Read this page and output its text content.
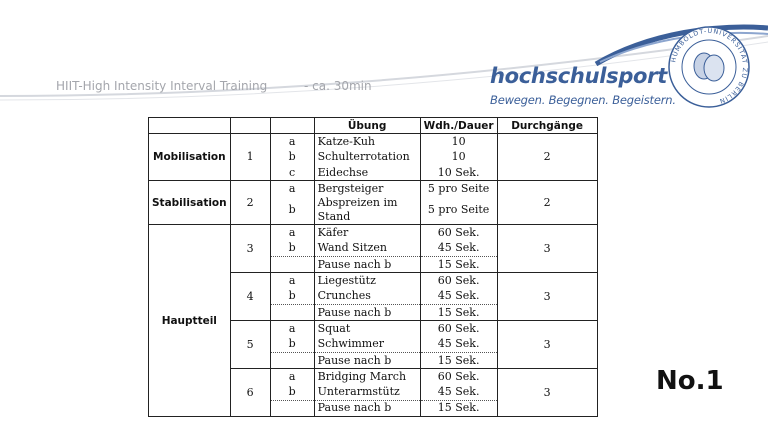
HIIT-High Intensity Interval Training	- ca. 30min	hochschulsport
Bewegen. Begegnen. Begeistern.
HUMBOLDT-UNIVERSITÄT ZU BERLIN
			Übung	Wdh./Dauer	Durchgänge
Mobilisation	1	a	Katze-Kuh	10	2
		b	Schulterrotation	10	
		c	Eidechse	10 Sek.	
Stabilisation	2	a	Bergsteiger	5 pro Seite	2
		b	Abspreizen im Stand	5 pro Seite	
Hauptteil	3	a	Käfer	60 Sek.	3
		b	Wand Sitzen	45 Sek.	
			Pause nach b	15 Sek.	
	4	a	Liegestütz	60 Sek.	3
		b	Crunches	45 Sek.	
			Pause nach b	15 Sek.	
	5	a	Squat	60 Sek.	3
		b	Schwimmer	45 Sek.	
			Pause nach b	15 Sek.	
	6	a	Bridging March	60 Sek.	3
		b	Unterarmstütz	45 Sek.	
			Pause nach b	15 Sek.	
No.1
